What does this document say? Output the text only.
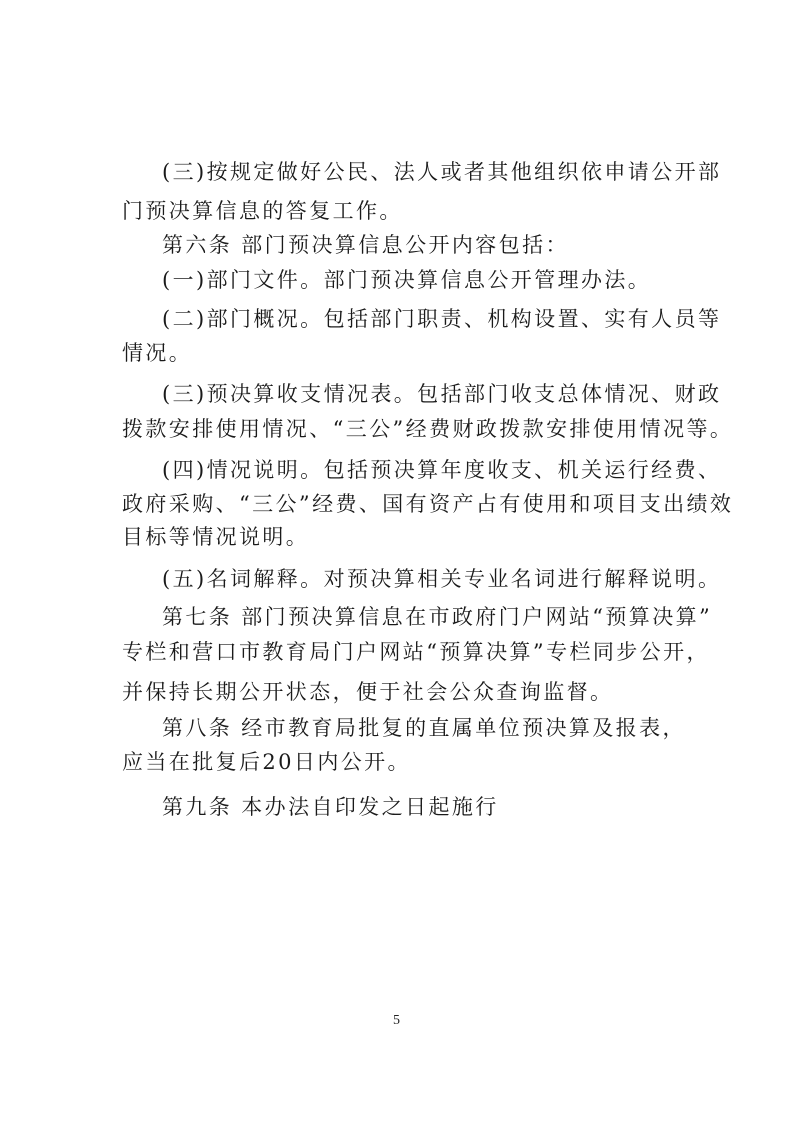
(三)按规定做好公民、法人或者其他组织依申请公开部
门预决算信息的答复工作。
第六条 部门预决算信息公开内容包括：
(一)部门文件。部门预决算信息公开管理办法。
(二)部门概况。包括部门职责、机构设置、实有人员等
情况。
(三)预决算收支情况表。包括部门收支总体情况、财政
拨款安排使用情况、“三公”经费财政拨款安排使用情况等。
(四)情况说明。包括预决算年度收支、机关运行经费、
政府采购、“三公”经费、国有资产占有使用和项目支出绩效
目标等情况说明。
(五)名词解释。对预决算相关专业名词进行解释说明。
第七条 部门预决算信息在市政府门户网站“预算决算”
专栏和营口市教育局门户网站“预算决算”专栏同步公开，
并保持长期公开状态，便于社会公众查询监督。
第八条 经市教育局批复的直属单位预决算及报表，
应当在批复后20日内公开。
第九条 本办法自印发之日起施行
5
